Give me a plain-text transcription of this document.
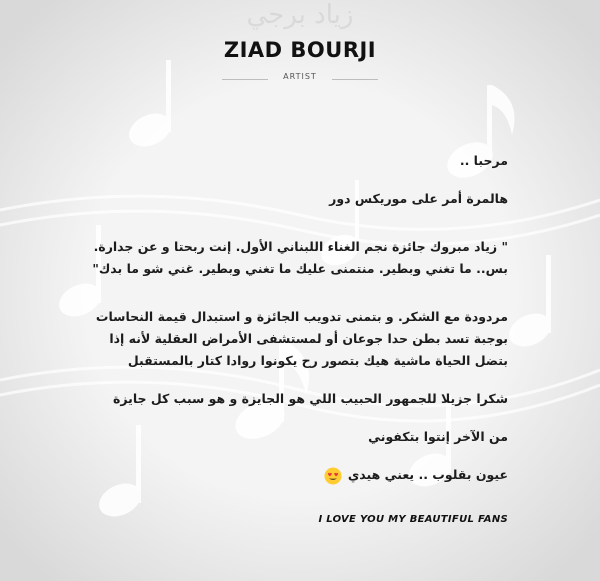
زياد برجي
ZIAD BOURJI
ARTIST

مرحبا ..

هالمرة أمر على موريكس دور

" زياد مبروك جائزة نجم الغناء اللبناني الأول. إنت ربحتا و عن جدارة. بس.. ما تغني وبطير. منتمنى عليك ما تغني وبطير. غني شو ما بدك"

مردودة مع الشكر. و بتمنى تدويب الجائزة و استبدال قيمة النحاسات بوجبة تسد بطن حدا جوعان أو لمستشفى الأمراض العقلية لأنه إذا بتضل الحياة ماشية هيك بتصور رح يكونوا روادا كتار بالمستقبل

شكرا جزيلا للجمهور الحبيب اللي هو الجايزة و هو سبب كل جايزة

من الآخر إنتوا بتكفوني

عيون بقلوب .. يعني هيدي

I LOVE YOU MY BEAUTIFUL FANS
